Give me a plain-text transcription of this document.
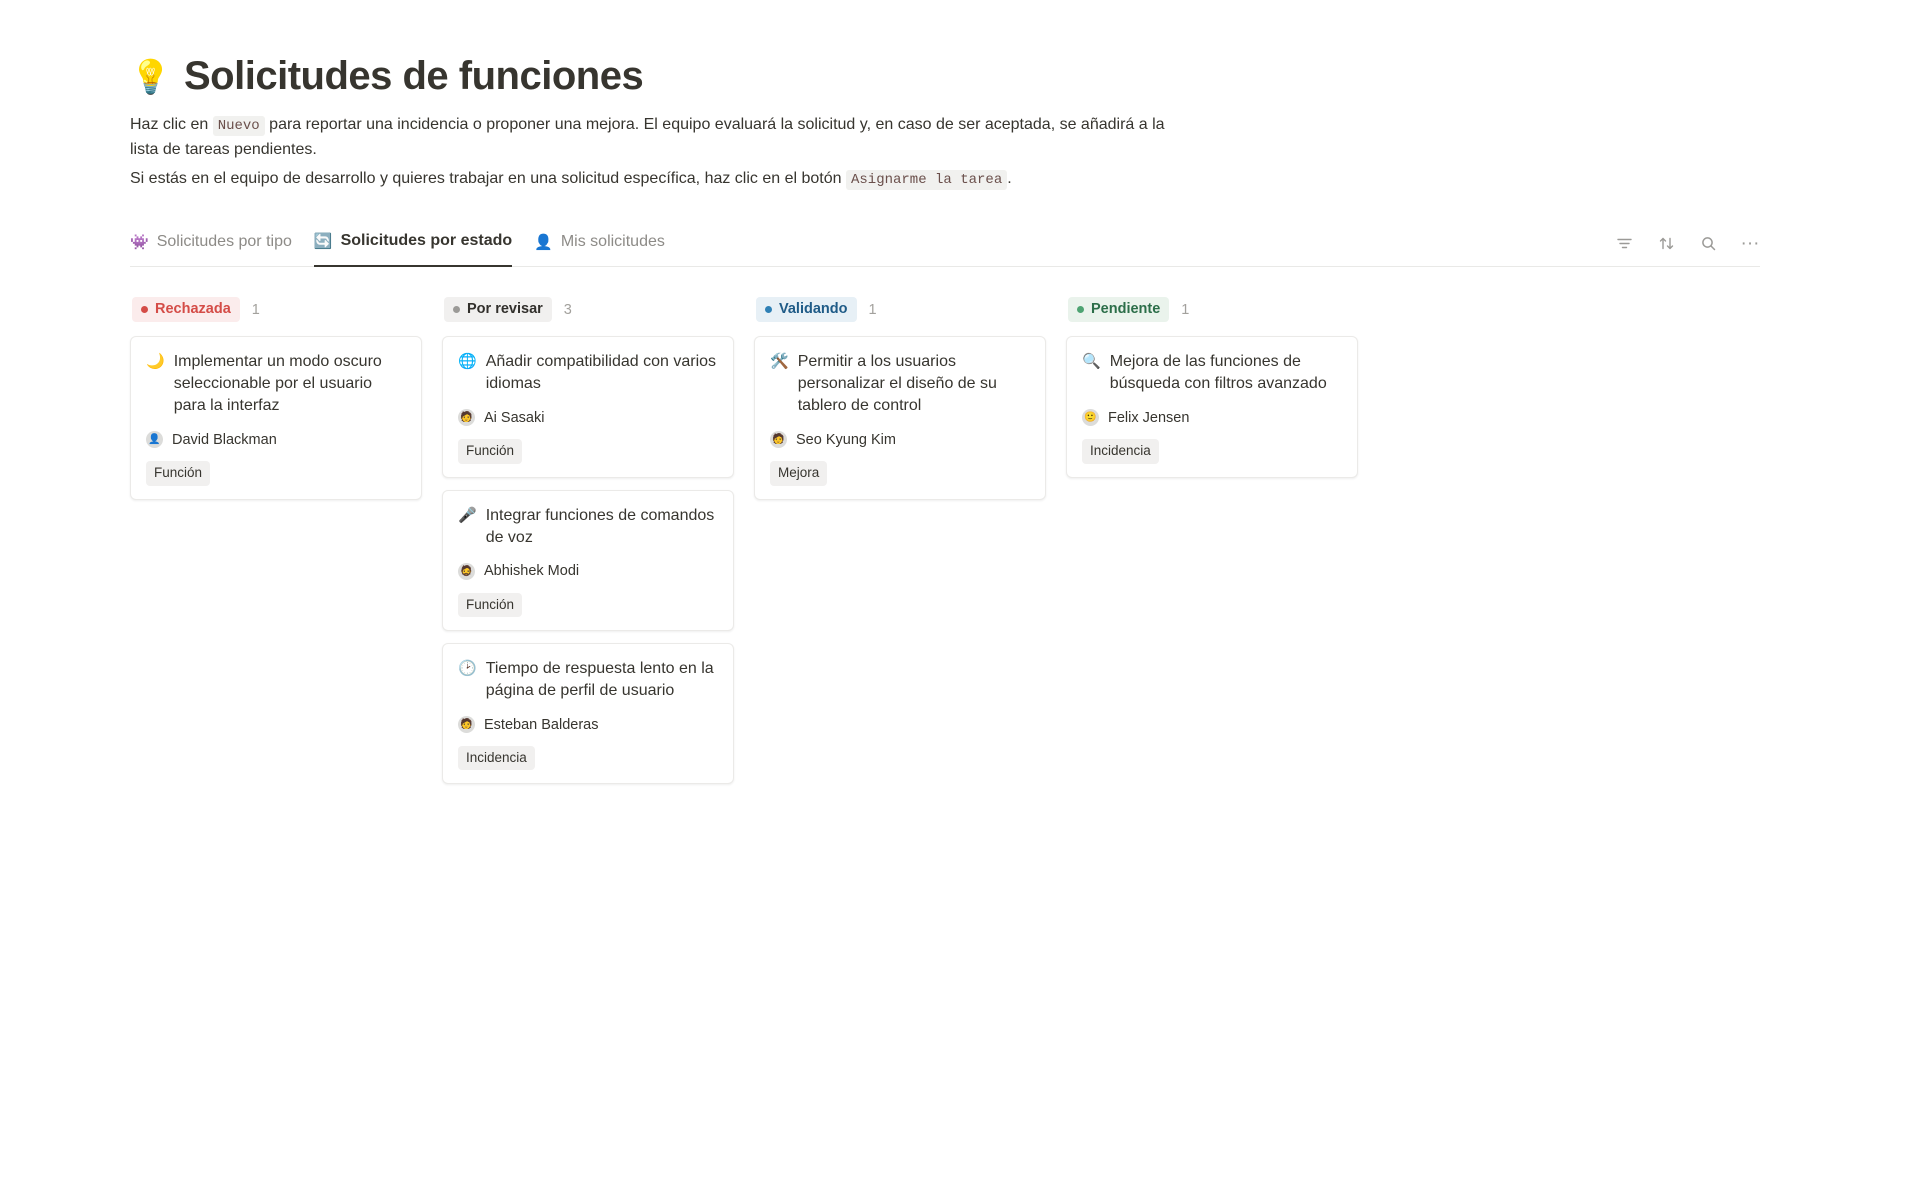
💡 Solicitudes de funciones

Haz clic en Nuevo para reportar una incidencia o proponer una mejora. El equipo evaluará la solicitud y, en caso de ser aceptada, se añadirá a la lista de tareas pendientes.

Si estás en el equipo de desarrollo y quieres trabajar en una solicitud específica, haz clic en el botón Asignarme la tarea .

👾 Solicitudes por tipo 🔄 Solicitudes por estado 👤 Mis solicitudes	···
Rechazada 1
🌙 Implementar un modo oscuro seleccionable por el usuario para la interfaz
👤 David Blackman
Función
Por revisar 3
🌐 Añadir compatibilidad con varios idiomas
🧑 Ai Sasaki
Función
🎤 Integrar funciones de comandos de voz
🧔 Abhishek Modi
Función
🕑 Tiempo de respuesta lento en la página de perfil de usuario
🧑 Esteban Balderas
Incidencia
Validando 1
🛠️ Permitir a los usuarios personalizar el diseño de su tablero de control
🧑 Seo Kyung Kim
Mejora
Pendiente 1
🔍 Mejora de las funciones de búsqueda con filtros avanzado
🙂 Felix Jensen
Incidencia
